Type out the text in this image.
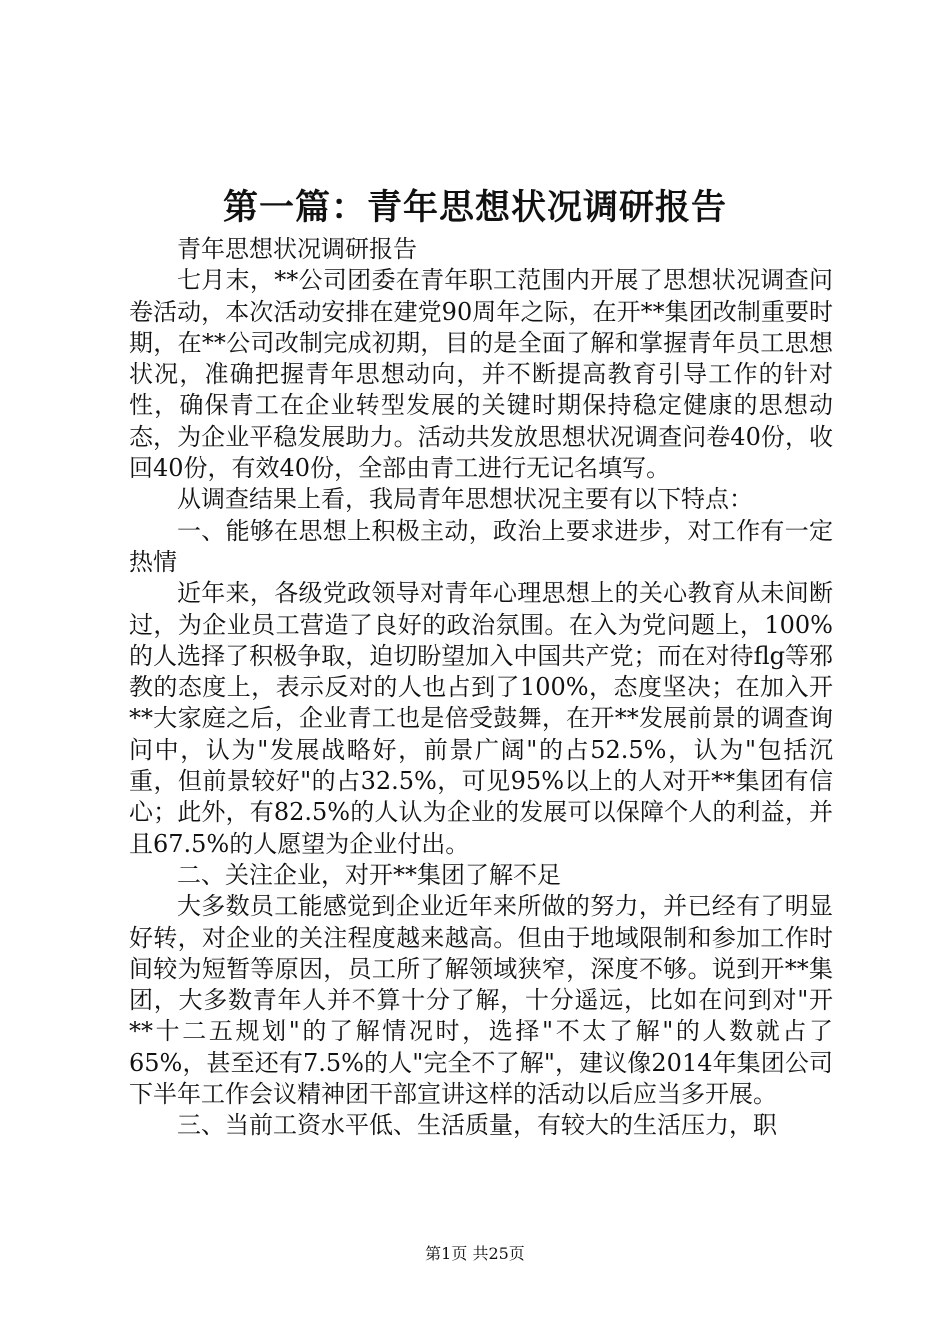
第一篇：青年思想状况调研报告

青年思想状况调研报告

七月末，**公司团委在青年职工范围内开展了思想状况调查问卷活动，本次活动安排在建党90周年之际，在开**集团改制重要时期，在**公司改制完成初期，目的是全面了解和掌握青年员工思想状况，准确把握青年思想动向，并不断提高教育引导工作的针对性，确保青工在企业转型发展的关键时期保持稳定健康的思想动态，为企业平稳发展助力。活动共发放思想状况调查问卷40份，收回40份，有效40份，全部由青工进行无记名填写。

从调查结果上看，我局青年思想状况主要有以下特点：

一、能够在思想上积极主动，政治上要求进步，对工作有一定热情

近年来，各级党政领导对青年心理思想上的关心教育从未间断过，为企业员工营造了良好的政治氛围。在入为党问题上，100%的人选择了积极争取，迫切盼望加入中国共产党；而在对待flg等邪教的态度上，表示反对的人也占到了100%，态度坚决；在加入开**大家庭之后，企业青工也是倍受鼓舞，在开**发展前景的调查询问中，认为"发展战略好，前景广阔"的占52.5%，认为"包括沉重，但前景较好"的占32.5%，可见95%以上的人对开**集团有信心；此外，有82.5%的人认为企业的发展可以保障个人的利益，并且67.5%的人愿望为企业付出。

二、关注企业，对开**集团了解不足

大多数员工能感觉到企业近年来所做的努力，并已经有了明显好转，对企业的关注程度越来越高。但由于地域限制和参加工作时间较为短暂等原因，员工所了解领域狭窄，深度不够。说到开**集团，大多数青年人并不算十分了解，十分遥远，比如在问到对"开**十二五规划"的了解情况时，选择"不太了解"的人数就占了65%，甚至还有7.5%的人"完全不了解"，建议像2014年集团公司下半年工作会议精神团干部宣讲这样的活动以后应当多开展。

三、当前工资水平低、生活质量，有较大的生活压力，职

第1页 共25页
